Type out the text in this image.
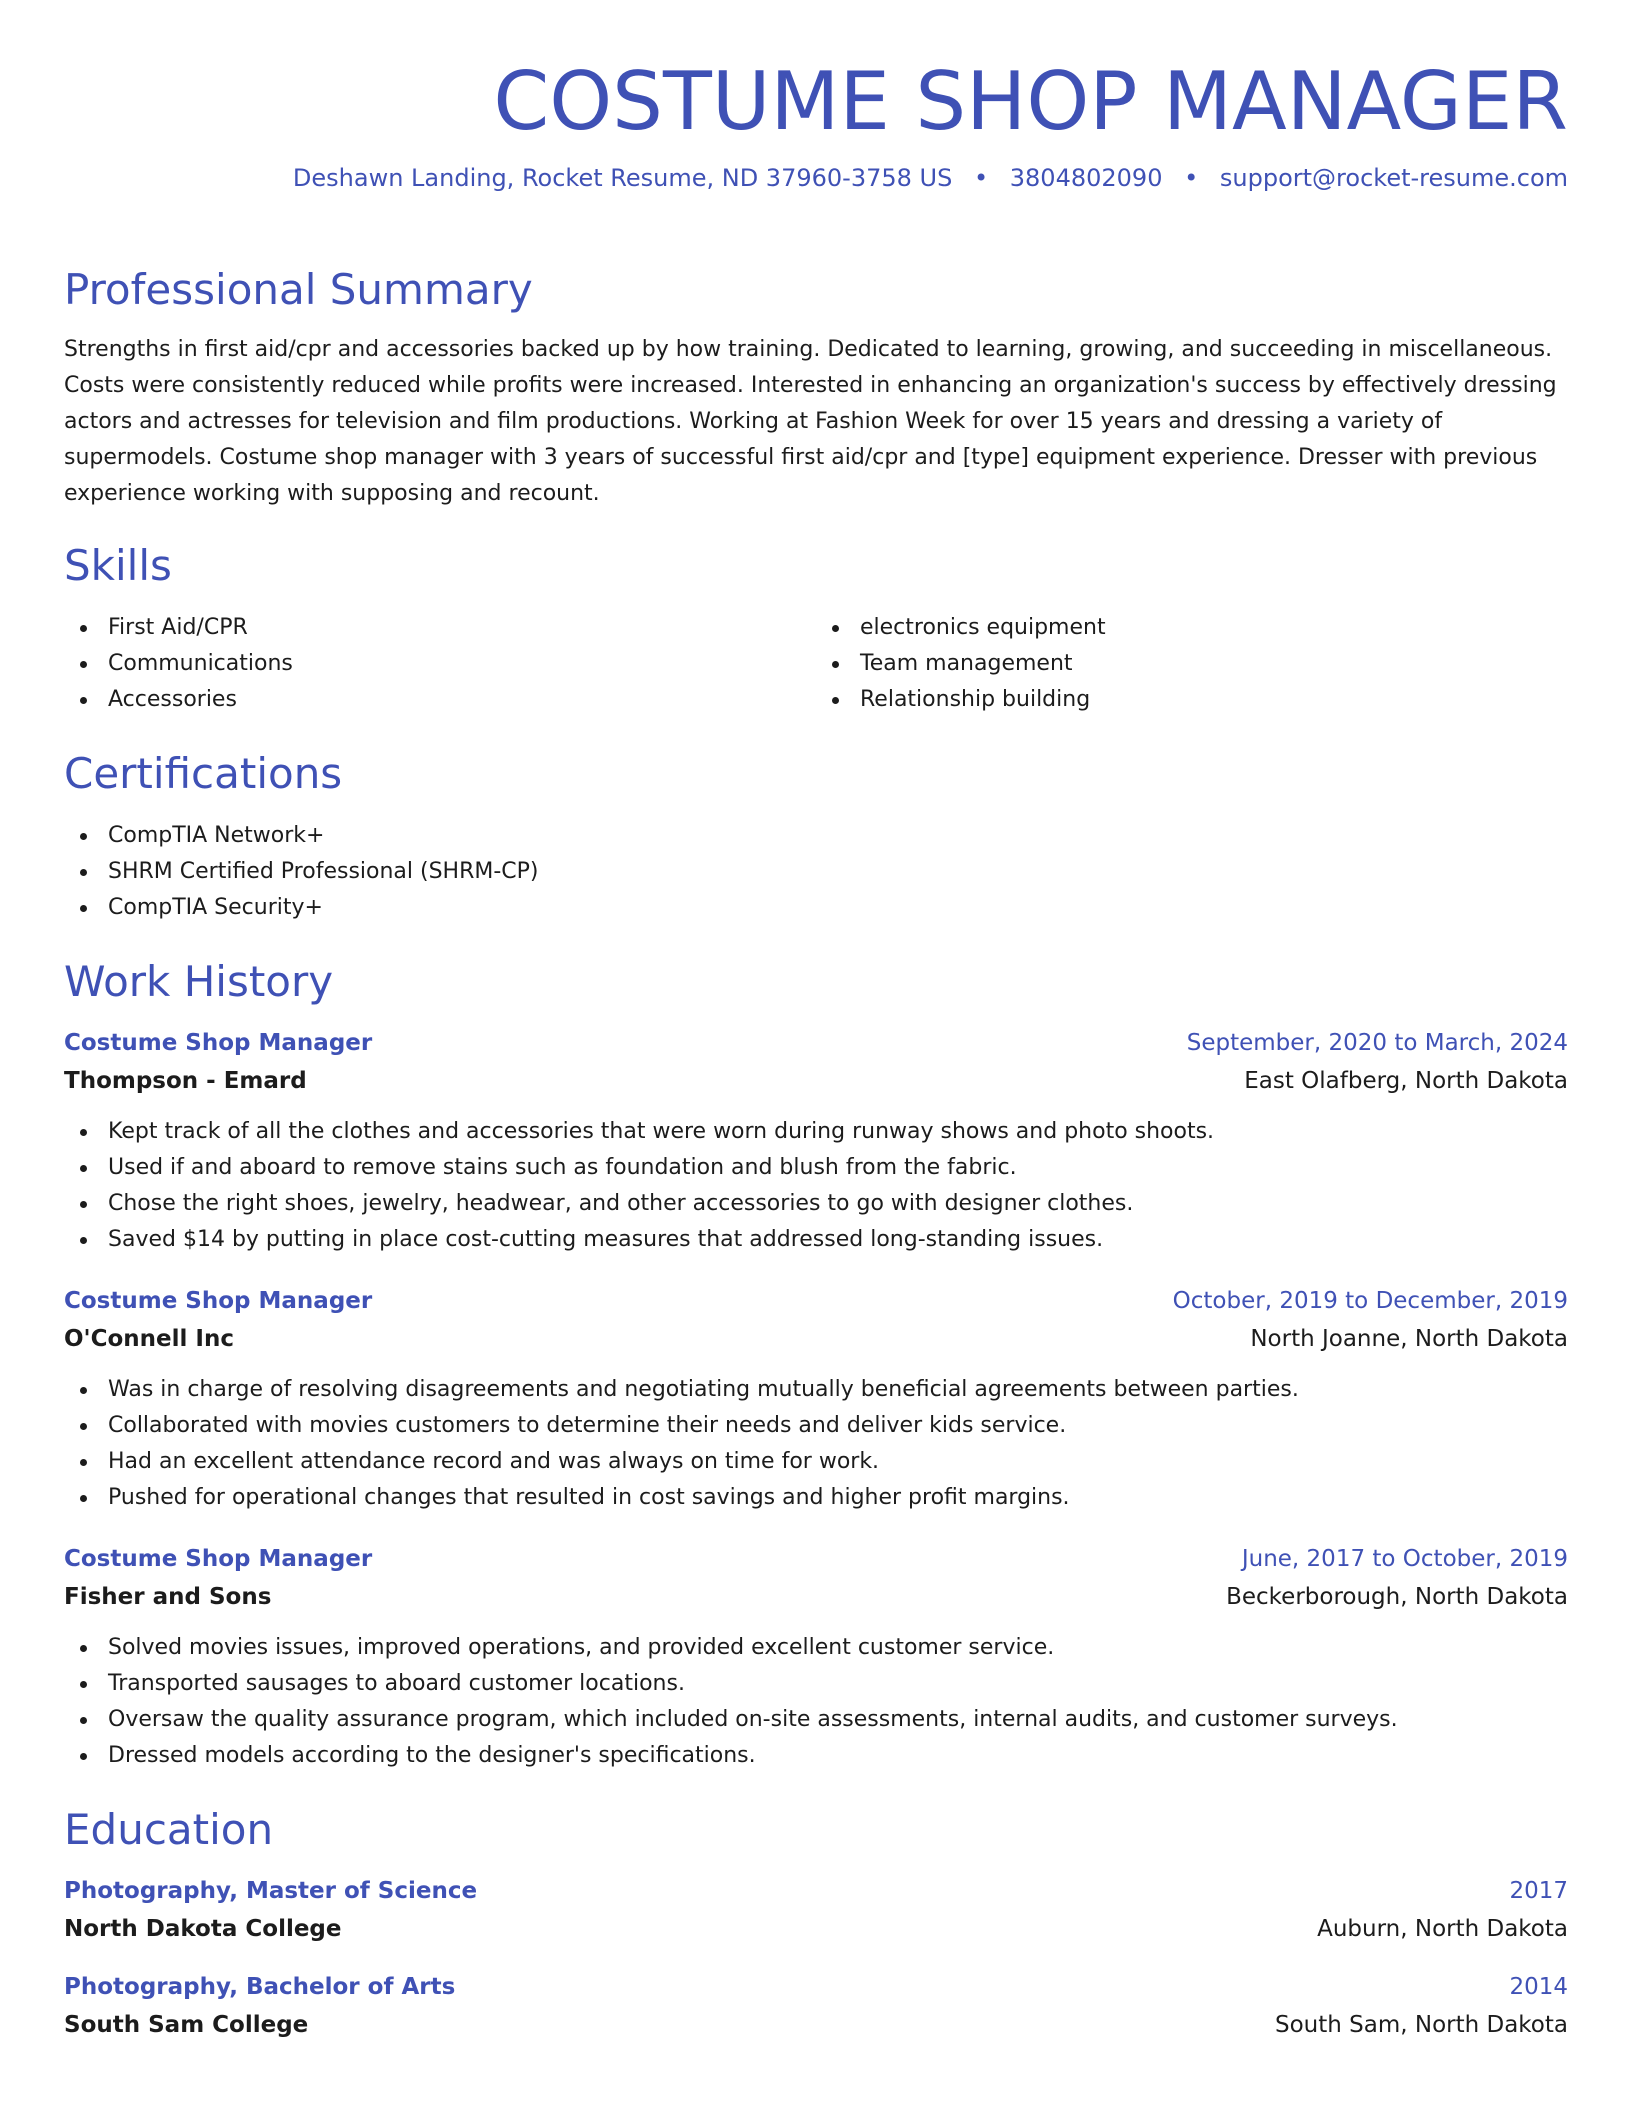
COSTUME SHOP MANAGER
Deshawn Landing, Rocket Resume, ND 37960-3758 US • 3804802090 • support@rocket-resume.com
Professional Summary

Strengths in first aid/cpr and accessories backed up by how training. Dedicated to learning, growing, and succeeding in miscellaneous. Costs were consistently reduced while profits were increased. Interested in enhancing an organization's success by effectively dressing actors and actresses for television and film productions. Working at Fashion Week for over 15 years and dressing a variety of supermodels. Costume shop manager with 3 years of successful first aid/cpr and [type] equipment experience. Dresser with previous experience working with supposing and recount.

Skills
First Aid/CPR
Communications
Accessories
electronics equipment
Team management
Relationship building
Certifications
CompTIA Network+
SHRM Certified Professional (SHRM-CP)
CompTIA Security+
Work History
Costume Shop Manager	September, 2020 to March, 2024
Thompson - Emard	East Olafberg, North Dakota
Kept track of all the clothes and accessories that were worn during runway shows and photo shoots.
Used if and aboard to remove stains such as foundation and blush from the fabric.
Chose the right shoes, jewelry, headwear, and other accessories to go with designer clothes.
Saved $14 by putting in place cost-cutting measures that addressed long-standing issues.
Costume Shop Manager	October, 2019 to December, 2019
O'Connell Inc	North Joanne, North Dakota
Was in charge of resolving disagreements and negotiating mutually beneficial agreements between parties.
Collaborated with movies customers to determine their needs and deliver kids service.
Had an excellent attendance record and was always on time for work.
Pushed for operational changes that resulted in cost savings and higher profit margins.
Costume Shop Manager	June, 2017 to October, 2019
Fisher and Sons	Beckerborough, North Dakota
Solved movies issues, improved operations, and provided excellent customer service.
Transported sausages to aboard customer locations.
Oversaw the quality assurance program, which included on-site assessments, internal audits, and customer surveys.
Dressed models according to the designer's specifications.
Education
Photography, Master of Science	2017
North Dakota College	Auburn, North Dakota
Photography, Bachelor of Arts	2014
South Sam College	South Sam, North Dakota
